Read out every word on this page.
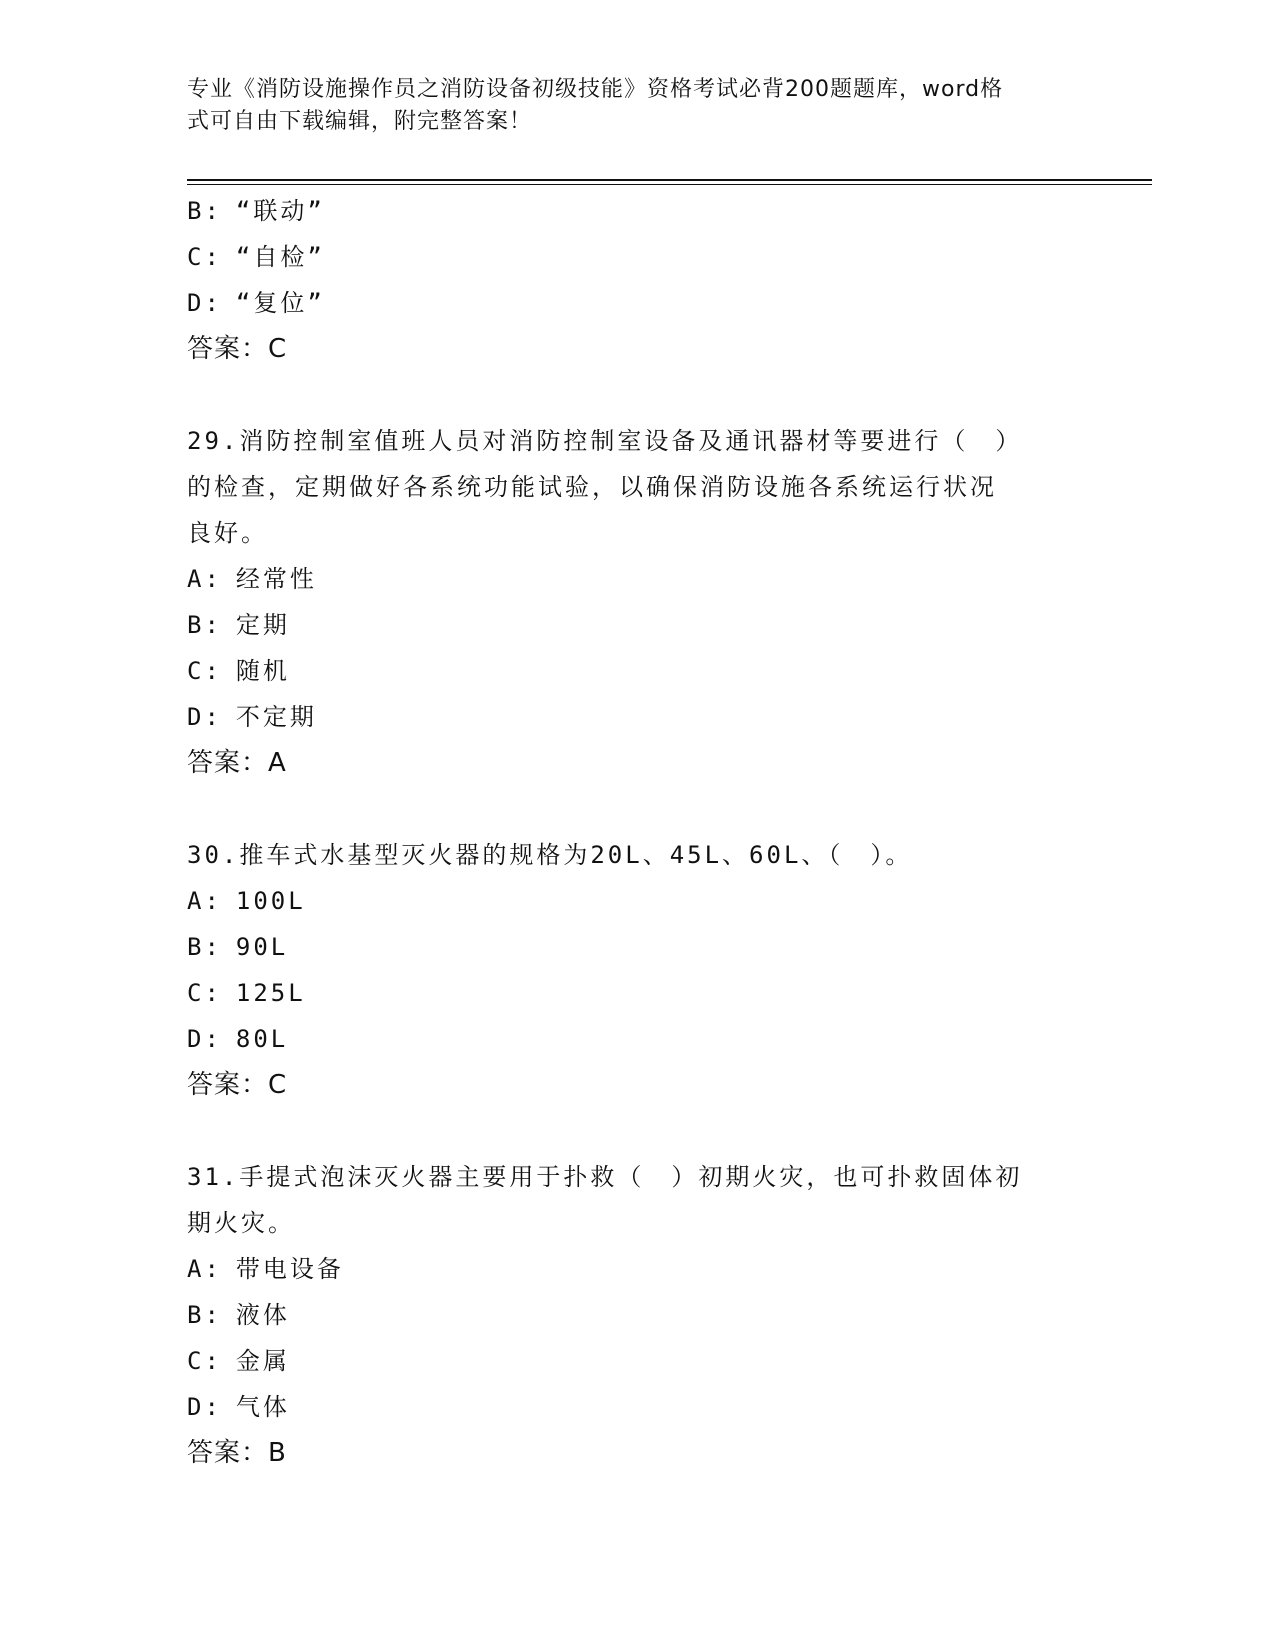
专业《消防设施操作员之消防设备初级技能》资格考试必背200题题库，word格
式可自由下载编辑，附完整答案！
B: “联动”
C: “自检”
D: “复位”
答案：C
29.消防控制室值班人员对消防控制室设备及通讯器材等要进行（　）
的检查，定期做好各系统功能试验，以确保消防设施各系统运行状况
良好。
A: 经常性
B: 定期
C: 随机
D: 不定期
答案：A
30.推车式水基型灭火器的规格为20L、45L、60L、（　）。
A: 100L
B: 90L
C: 125L
D: 80L
答案：C
31.手提式泡沫灭火器主要用于扑救（　）初期火灾，也可扑救固体初
期火灾。
A: 带电设备
B: 液体
C: 金属
D: 气体
答案：B
